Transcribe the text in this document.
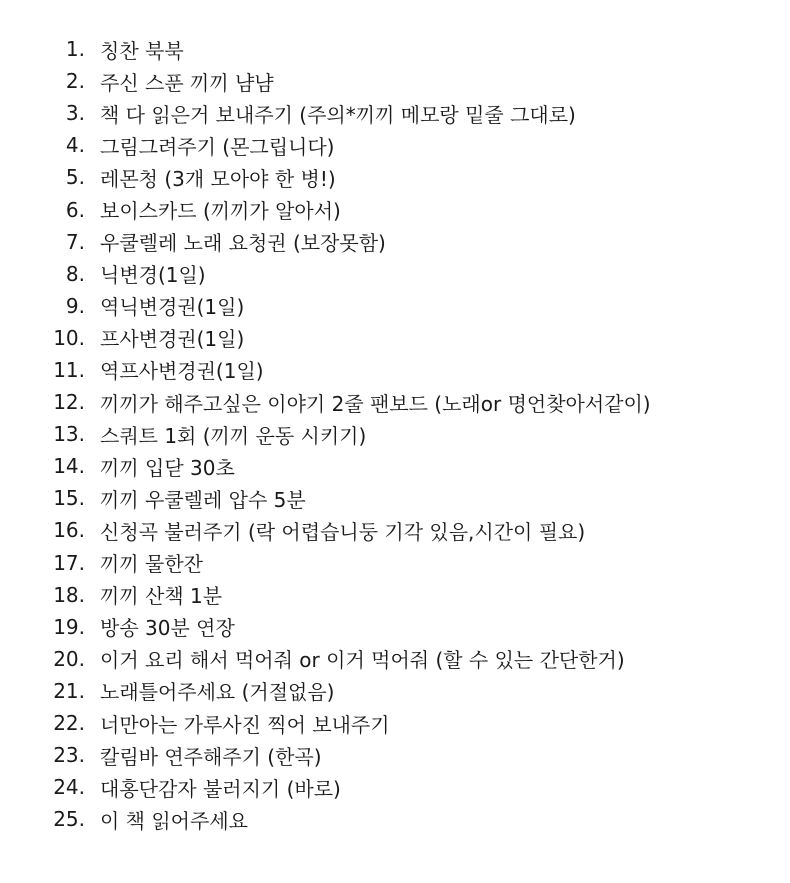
1. 칭찬 북북
2. 주신 스푼 끼끼 냠냠
3. 책 다 읽은거 보내주기 (주의*끼끼 메모랑 밑줄 그대로)
4. 그림그려주기 (몬그립니다)
5. 레몬청 (3개 모아야 한 병!)
6. 보이스카드 (끼끼가 알아서)
7. 우쿨렐레 노래 요청권 (보장못함)
8. 닉변경(1일)
9. 역닉변경권(1일)
10. 프사변경권(1일)
11. 역프사변경권(1일)
12. 끼끼가 해주고싶은 이야기 2줄 팬보드 (노래or 명언찾아서같이)
13. 스쿼트 1회 (끼끼 운동 시키기)
14. 끼끼 입닫 30초
15. 끼끼 우쿨렐레 압수 5분
16. 신청곡 불러주기 (락 어렵습니둥 기각 있음,시간이 필요)
17. 끼끼 물한잔
18. 끼끼 산책 1분
19. 방송 30분 연장
20. 이거 요리 해서 먹어줘 or 이거 먹어줘 (할 수 있는 간단한거)
21. 노래틀어주세요 (거절없음)
22. 너만아는 가루사진 찍어 보내주기
23. 칼림바 연주해주기 (한곡)
24. 대홍단감자 불러지기 (바로)
25. 이 책 읽어주세요
